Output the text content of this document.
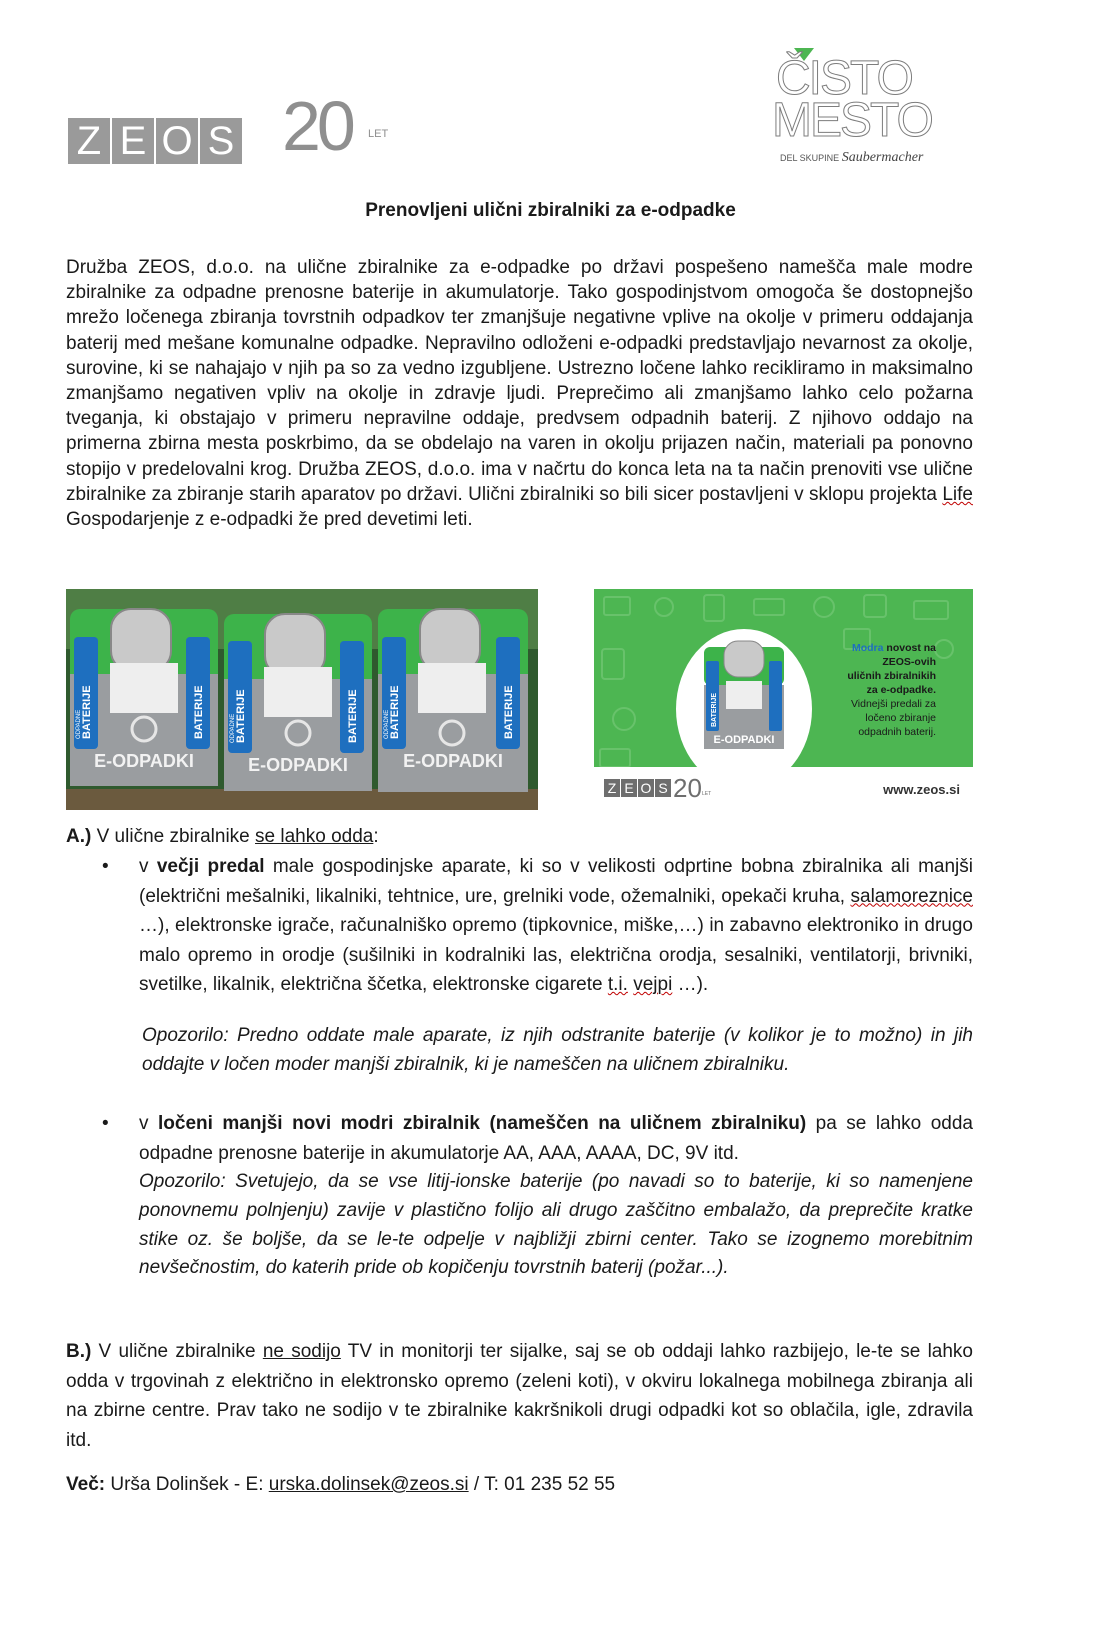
Z E O S 20 LET
ČISTO
MESTO
DEL SKUPINE Saubermacher
Prenovljeni ulični zbiralniki za e-odpadke

Družba ZEOS, d.o.o. na ulične zbiralnike za e-odpadke po državi pospešeno namešča male modre zbiralnike za odpadne prenosne baterije in akumulatorje. Tako gospodinjstvom omogoča še dostopnejšo mrežo ločenega zbiranja tovrstnih odpadkov ter zmanjšuje negativne vplive na okolje v primeru oddajanja baterij med mešane komunalne odpadke. Nepravilno odloženi e-odpadki predstavljajo nevarnost za okolje, surovine, ki se nahajajo v njih pa so za vedno izgubljene. Ustrezno ločene lahko recikliramo in maksimalno zmanjšamo negativen vpliv na okolje in zdravje ljudi. Preprečimo ali zmanjšamo lahko celo požarna tveganja, ki obstajajo v primeru nepravilne oddaje, predvsem odpadnih baterij. Z njihovo oddajo na primerna zbirna mesta poskrbimo, da se obdelajo na varen in okolju prijazen način, materiali pa ponovno stopijo v predelovalni krog. Družba ZEOS, d.o.o. ima v načrtu do konca leta na ta način prenoviti vse ulične zbiralnike za zbiranje starih aparatov po državi. Ulični zbiralniki so bili sicer postavljeni v sklopu projekta Life Gospodarjenje z e-odpadki že pred devetimi leti.

E-ODPADKI	E-ODPADKI	E-ODPADKI
BATERIJE	BATERIJE	BATERIJE	BATERIJE	BATERIJE	BATERIJE
ODPADNE	ODPADNE	ODPADNE
E-ODPADKI
BATERIJE
Modra novost na
ZEOS-ovih
uličnih zbiralnikih
za e-odpadke.
Vidnejši predali za
ločeno zbiranje
odpadnih baterij.
Z E O S 20 LET	www.zeos.si
A.) V ulične zbiralnike se lahko odda:
• v večji predal male gospodinjske aparate, ki so v velikosti odprtine bobna zbiralnika ali manjši (električni mešalniki, likalniki, tehtnice, ure, grelniki vode, ožemalniki, opekači kruha, salamoreznice …), elektronske igrače, računalniško opremo (tipkovnice, miške,…) in zabavno elektroniko in drugo malo opremo in orodje (sušilniki in kodralniki las, električna orodja, sesalniki, ventilatorji, brivniki, svetilke, likalnik, električna ščetka, elektronske cigarete t.i. vejpi …).
Opozorilo: Predno oddate male aparate, iz njih odstranite baterije (v kolikor je to možno) in jih oddajte v ločen moder manjši zbiralnik, ki je nameščen na uličnem zbiralniku.
• v ločeni manjši novi modri zbiralnik (nameščen na uličnem zbiralniku) pa se lahko odda odpadne prenosne baterije in akumulatorje AA, AAA, AAAA, DC, 9V itd.
Opozorilo: Svetujejo, da se vse litij-ionske baterije (po navadi so to baterije, ki so namenjene ponovnemu polnjenju) zavije v plastično folijo ali drugo zaščitno embalažo, da preprečite kratke stike oz. še boljše, da se le-te odpelje v najbližji zbirni center. Tako se izognemo morebitnim nevšečnostim, do katerih pride ob kopičenju tovrstnih baterij (požar...).

B.) V ulične zbiralnike ne sodijo TV in monitorji ter sijalke, saj se ob oddaji lahko razbijejo, le-te se lahko odda v trgovinah z električno in elektronsko opremo (zeleni koti), v okviru lokalnega mobilnega zbiranja ali na zbirne centre. Prav tako ne sodijo v te zbiralnike kakršnikoli drugi odpadki kot so oblačila, igle, zdravila itd.

Več: Urša Dolinšek - E: urska.dolinsek@zeos.si / T: 01 235 52 55
